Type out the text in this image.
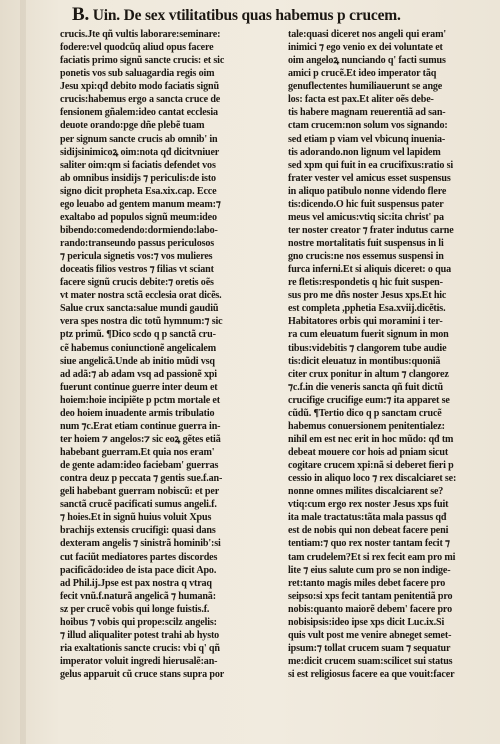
B. Uin. De sex vtilitatibus quas habemus p crucem.
crucis.Jte qñ vultis laborare:seminare:
fodere:vel quodcũq aliud opus facere
faciatis primo signũ sancte crucis: et sic
ponetis vos sub saluagardia regis oim
Jesu xpi:qđ debito modo faciatis signũ
crucis:habemus ergo a sancta cruce de
fensionem gñalem:ideo cantat ecclesia
deuote orando:pge dñe plebẽ tuam
per signum sancte crucis ab omnib' in
sidijsinimicoꝝ oim:nota qđ dicitvniuer
saliter oim:qm si faciatis defendet vos
ab omnibus insidijs ⁊ periculis:de isto
signo dicit propheta Esa.xix.cap. Ecce
ego leuabo ad gentem manum meam:⁊
exaltabo ad populos signũ meum:ideo
bibendo:comedendo:dormiendo:labo-
rando:transeundo passus periculosos
⁊ pericula signetis vos:⁊ vos mulieres
doceatis filios vestros ⁊ filias vt sciant
facere signũ crucis debite:⁊ oretis oẽs
vt mater nostra sctã ecclesia orat dicẽs.
Salue crux sancta:salue mundi gaudiũ
vera spes nostra dic totũ hymnum:⁊ sic
ptz primũ. ¶Dico scdo q p sanctã cru-
cẽ habemus coniunctionẽ angelicalem
siue angelicã.Unde ab initio mũdi vsq
ad adã:⁊ ab adam vsq ad passionẽ xpi
fuerunt continue guerre inter deum et
hoiem:hoie incipiẽte p pctm mortale et
deo hoiem inuadente armis tribulatio
num ⁊c.Erat etiam continue guerra in-
ter hoiem ⁊ angelos:⁊ sic eoꝝ gẽtes etiã
habebant guerram.Et quia nos eram'
de gente adam:ideo faciebam' guerras
contra deuz p peccata ⁊ gentis sue.f.an-
geli habebant guerram nobiscũ: et per
sanctã crucẽ pacificati sumus angeli.f.
⁊ hoies.Et in signũ huius voluit Xpus
brachijs extensis crucifigi: quasi dans
dexteram angelis ⁊ sinistrã hominib':si
cut faciũt mediatores partes discordes
pacificãdo:ideo de ista pace dicit Apo.
ad Phil.ij.Jpse est pax nostra q vtraq
fecit vnũ.f.naturã angelicã ⁊ humanã:
sz per crucẽ vobis qui longe fuistis.f.
hoibus ⁊ vobis qui prope:scilz angelis:
⁊ illud aliqualiter potest trahi ab hysto
ria exaltationis sancte crucis: vbi q' qñ
imperator voluit ingredi hierusalẽ:an-
gelus apparuit cũ cruce stans supra por
tale:quasi diceret nos angeli qui eram'
inimici ⁊ ego venio ex dei voluntate et
oim angeloꝝ nunciando q' facti sumus
amici p crucẽ.Et ideo imperator tãq
genuflectentes humiliauerunt se ange
los: facta est pax.Et aliter oẽs debe-
tis habere magnam reuerentiã ad san-
ctam crucem:non solum vos signando:
sed etiam p viam vel vbicunq inuenia-
tis adorando.non lignum vel lapidem
sed xpm qui fuit in ea crucifixus:ratio si
frater vester vel amicus esset suspensus
in aliquo patibulo nonne videndo flere
tis:dicendo.O hic fuit suspensus pater
meus vel amicus:vtiq sic:ita christ' pa
ter noster creator ⁊ frater indutus carne
nostre mortalitatis fuit suspensus in li
gno crucis:ne nos essemus suspensi in
furca inferni.Et si aliquis diceret: o qua
re fletis:respondetis q hic fuit suspen-
sus pro me dñs noster Jesus xps.Et hic
est completa ,pphetia Esa.xviij.dicẽtis.
Habitatores orbis qui moramini i ter-
ra cum eleuatum fuerit signum in mon
tibus:videbitis ⁊ clangorem tube audie
tis:dicit eleuatuz in montibus:quoniã
citer crux ponitur in altum ⁊ clangorez
⁊c.f.in die veneris sancta qñ fuit dictũ
crucifige crucifige eum:⁊ ita apparet se
cũdũ. ¶Tertio dico q p sanctam crucẽ
habemus conuersionem penitentialez:
nihil em est nec erit in hoc mũdo: qđ tm
debeat mouere cor hois ad pniam sicut
cogitare crucem xpi:nã si deberet fieri p
cessio in aliquo loco ⁊ rex discalciaret se:
nonne omnes milites discalciarent se?
vtiq:cum ergo rex noster Jesus xps fuit
ita male tractatus:tãta mala passus qđ
est de nobis qui non debeat facere peni
tentiam:⁊ quo rex noster tantam fecit ⁊
tam crudelem?Et si rex fecit eam pro mi
lite ⁊ eius salute cum pro se non indige-
ret:tanto magis miles debet facere pro
seipso:si xps fecit tantam penitentiã pro
nobis:quanto maiorẽ debem' facere pro
nobisipsis:ideo ipse xps dicit Luc.ix.Si
quis vult post me venire abneget semet-
ipsum:⁊ tollat crucem suam ⁊ sequatur
me:dicit crucem suam:scilicet sui status
si est religiosus facere ea que vouit:facer
